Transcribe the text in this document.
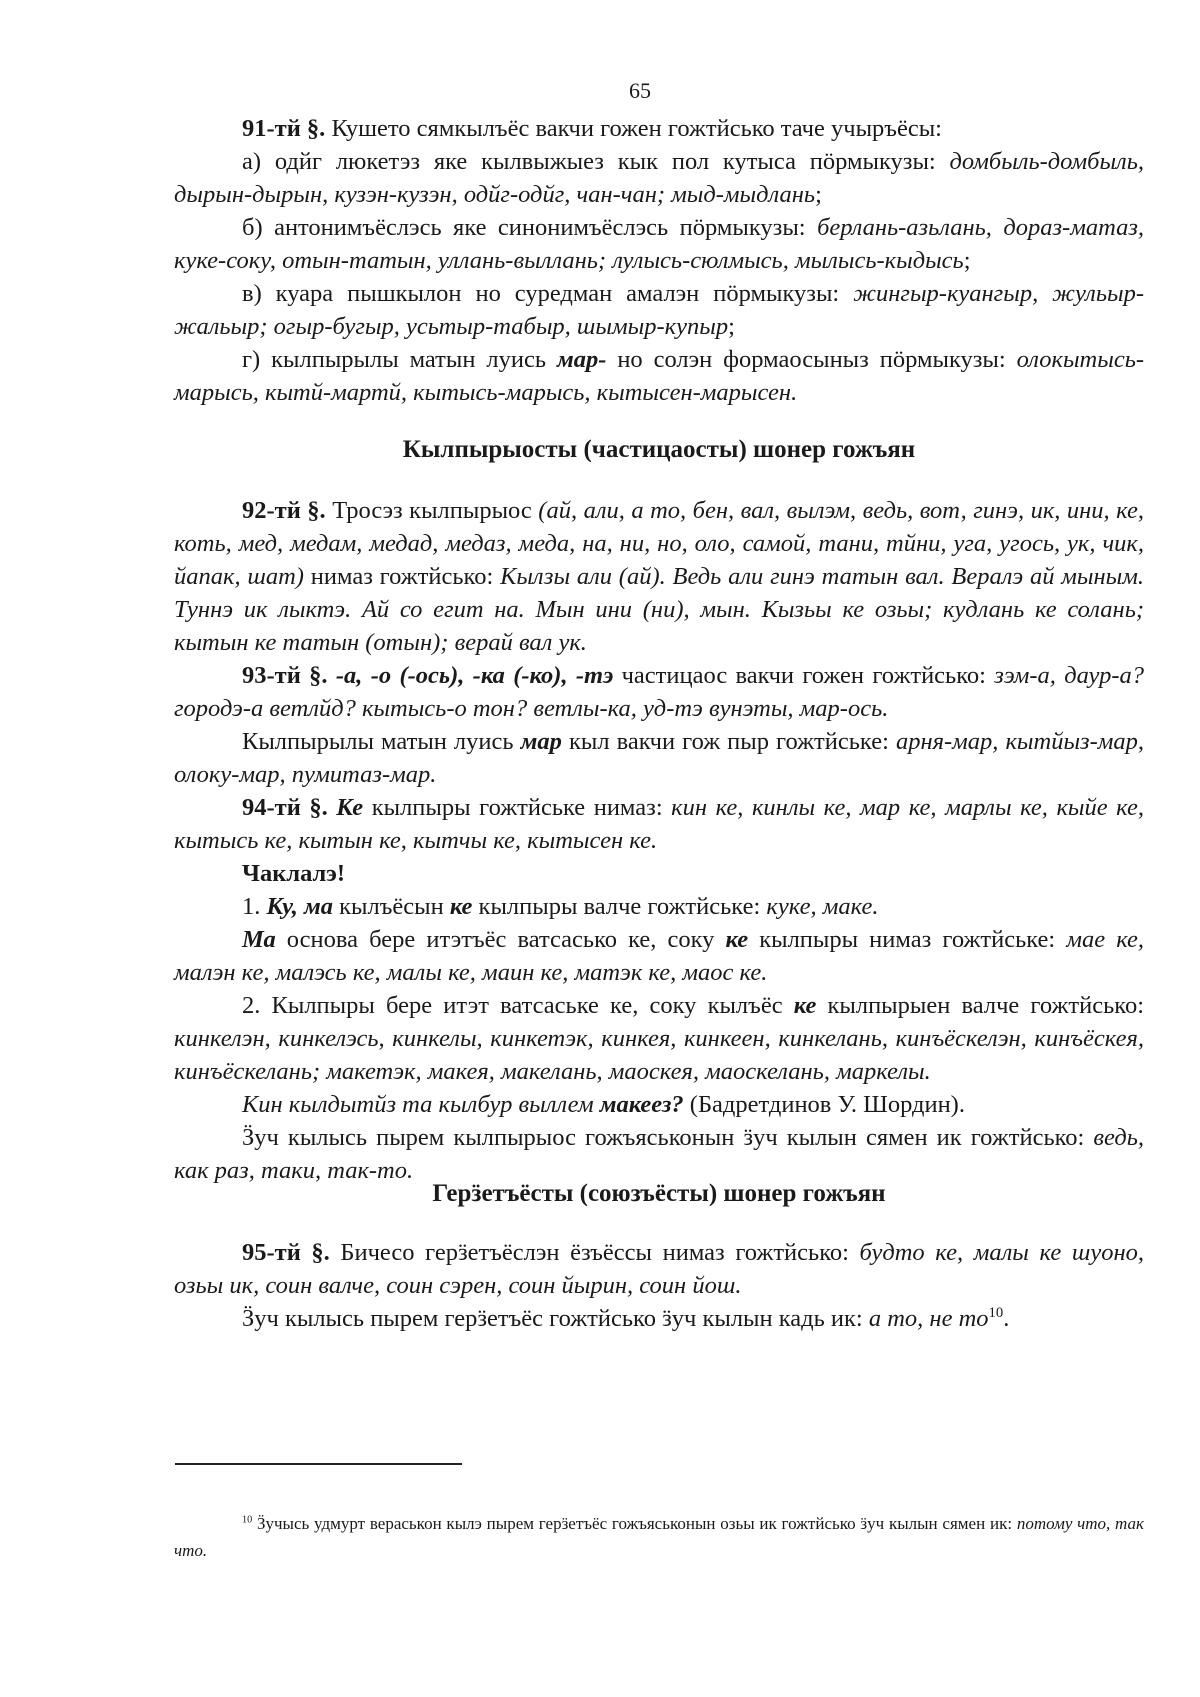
65

91-тй §. Кушето сямкылъёс вакчи гожен гожтйсько таче учыръёсы:

а) одйг люкетэз яке кылвыжыез кык пол кутыса пӧрмыкузы: домбыль-домбыль, дырын-дырын, кузэн-кузэн, одйг-одйг, чан-чан; мыд-мыдлань;

б) антонимъёслэсь яке синонимъёслэсь пӧрмыкузы: берлань-азьлань, дораз-матаз, куке-соку, отын-татын, уллань-выллань; лулысь-сюлмысь, мылысь-кыдысь;

в) куара пышкылон но суредман амалэн пӧрмыкузы: жингыр-куангыр, жульыр-жальыр; огыр-бугыр, усьтыр-табыр, шымыр-купыр;

г) кылпырылы матын луись мар- но солэн формаосыныз пӧрмыкузы: олокытысь-марысь, кытй-мартй, кытысь-марысь, кытысен-марысен.

Кылпырыосты (частицаосты) шонер гожъян

92-тй §. Тросэз кылпырыос (ай, али, а то, бен, вал, вылэм, ведь, вот, гинэ, ик, ини, ке, коть, мед, медам, медад, медаз, меда, на, ни, но, оло, самой, тани, тйни, уга, угось, ук, чик, йапак, шат) нимаз гожтйсько: Кылзы али (ай). Ведь али гинэ татын вал. Вералэ ай мыным. Туннэ ик лыктэ. Ай со егит на. Мын ини (ни), мын. Кызьы ке озьы; кудлань ке солань; кытын ке татын (отын); верай вал ук.

93-тй §. -а, -о (-ось), -ка (-ко), -тэ частицаос вакчи гожен гожтйсько: зэм-а, даур-а? городэ-а ветлйд? кытысь-о тон? ветлы-ка, уд-тэ вунэты, мар-ось.

Кылпырылы матын луись мар кыл вакчи гож пыр гожтйське: арня-мар, кытйыз-мар, олоку-мар, пумитаз-мар.

94-тй §. Ке кылпыры гожтйське нимаз: кин ке, кинлы ке, мар ке, марлы ке, кыйе ке, кытысь ке, кытын ке, кытчы ке, кытысен ке.

Чаклалэ!

1. Ку, ма кылъёсын ке кылпыры валче гожтйське: куке, маке.

Ма основа бере итэтъёс ватсасько ке, соку ке кылпыры нимаз гожтйське: мае ке, малэн ке, малэсь ке, малы ке, маин ке, матэк ке, маос ке.

2. Кылпыры бере итэт ватсаське ке, соку кылъёс ке кылпырыен валче гожтйсько: кинкелэн, кинкелэсь, кинкелы, кинкетэк, кинкея, кинкеен, кинкелань, кинъёскелэн, кинъёскея, кинъёскелань; макетэк, макея, макелань, маоскея, маоскелань, маркелы.

Кин кылдытйз та кылбур выллем макеез? (Бадретдинов У. Шордин).

Ӟуч кылысь пырем кылпырыос гожъяськонын ӟуч кылын сямен ик гожтйсько: ведь, как раз, таки, так-то.

Герӟетъёсты (союзъёсты) шонер гожъян

95-тй §. Бичесо герӟетъёслэн ёзъёссы нимаз гожтйсько: будто ке, малы ке шуоно, озьы ик, соин валче, соин сэрен, соин йырин, соин йош.

Ӟуч кылысь пырем герӟетъёс гожтйсько ӟуч кылын кадь ик: а то, не $то^{10}$.

$^{10}$ Ӟучысь удмурт вераськон кылэ пырем герӟетъёс гожъяськонын озьы ик гожтйсько ӟуч кылын сямен ик: потому что, так что.
